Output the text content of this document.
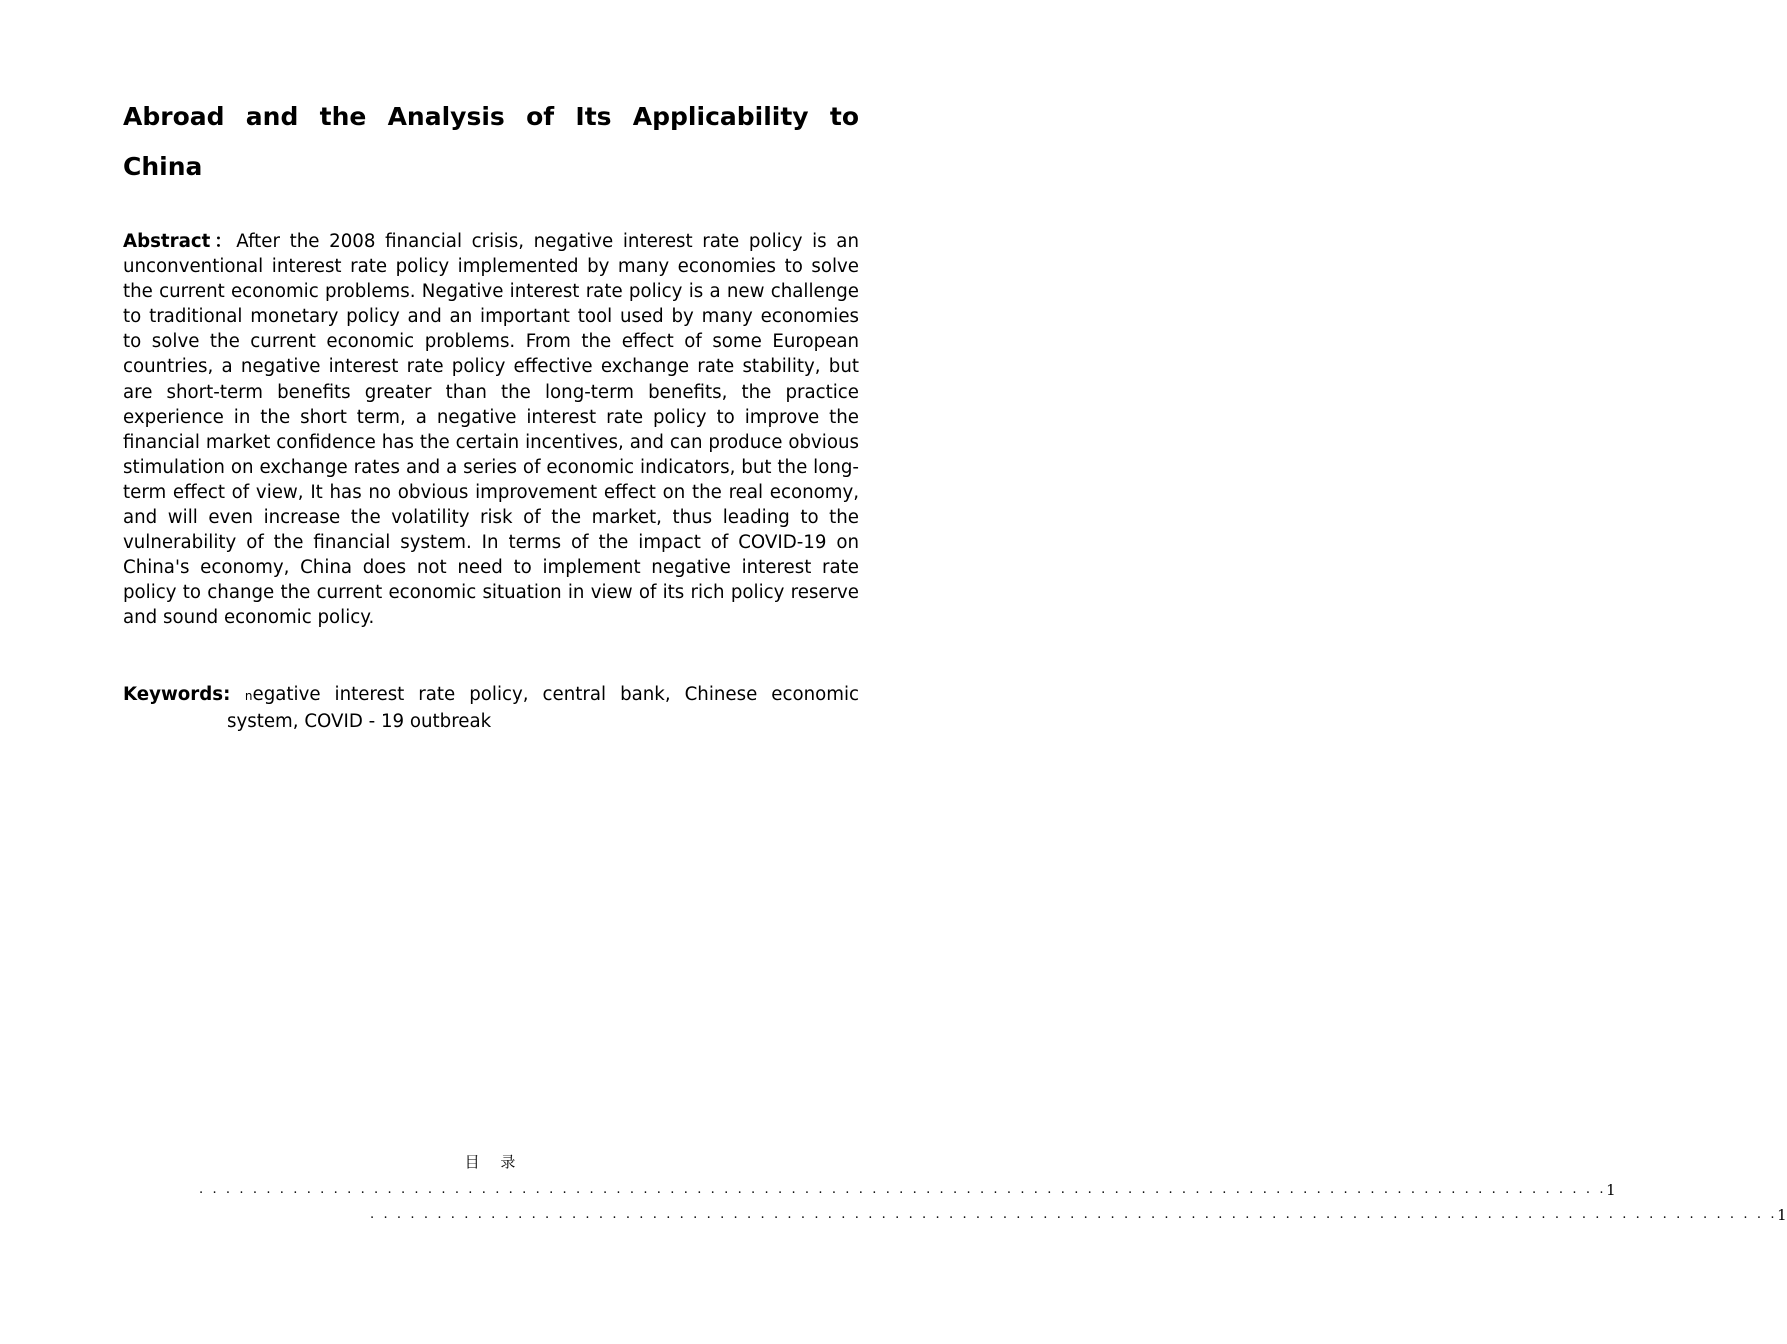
Abroad and the Analysis of Its Applicability to China

Abstract：After the 2008 financial crisis, negative interest rate policy is an unconventional interest rate policy implemented by many economies to solve the current economic problems. Negative interest rate policy is a new challenge to traditional monetary policy and an important tool used by many economies to solve the current economic problems. From the effect of some European countries, a negative interest rate policy effective exchange rate stability, but are short-term benefits greater than the long-term benefits, the practice experience in the short term, a negative interest rate policy to improve the financial market confidence has the certain incentives, and can produce obvious stimulation on exchange rates and a series of economic indicators, but the long-term effect of view, It has no obvious improvement effect on the real economy, and will even increase the volatility risk of the market, thus leading to the vulnerability of the financial system. In terms of the impact of COVID-19 on China's economy, China does not need to implement negative interest rate policy to change the current economic situation in view of its rich policy reserve and sound economic policy.

Keywords: negative interest rate policy, central bank, Chinese economic system, COVID - 19 outbreak

目 录
. . . . . . . . . . . . . . . . . . . . . . . . . . . . . . . . . . . . . . . . . . . . . . . . . . . . . . . . . . . . . . . . . . . . . . . . . . . . . . . . . . . . . . . . . . . . . . . . . . . . . . . . . 1
. . . . . . . . . . . . . . . . . . . . . . . . . . . . . . . . . . . . . . . . . . . . . . . . . . . . . . . . . . . . . . . . . . . . . . . . . . . . . . . . . . . . . . . . . . . . . . . . . . . . . . . . . 1
